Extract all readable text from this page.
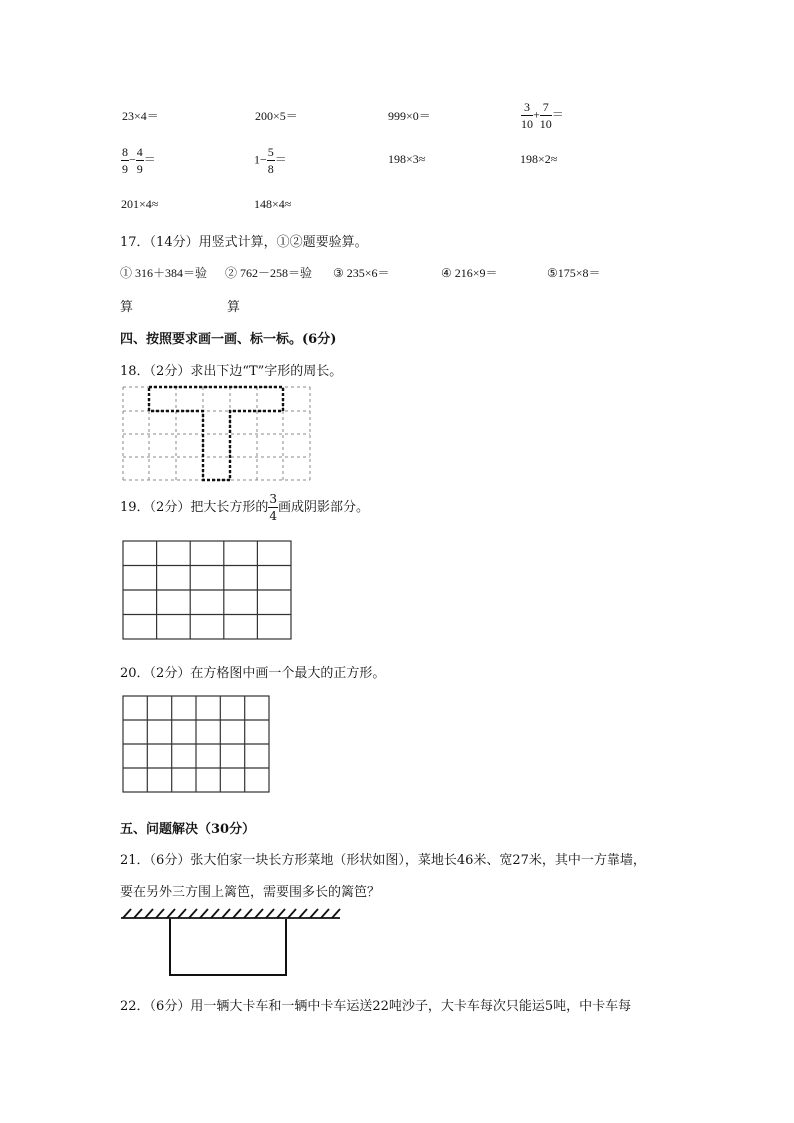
23×4＝	200×5＝	999×0＝	$\frac{3}{10} + \frac{7}{10}$ ＝
$\frac{8}{9} - \frac{4}{9}$ ＝	$1- \frac{5}{8}$ ＝	198×3≈	198×2≈
201×4≈	148×4≈
17．（14分）用竖式计算，①②题要验算。
① 316＋384＝验 ② 762－258＝验 ③ 235×6＝	④ 216×9＝	⑤175×8＝
算	算
四、按照要求画一画、标一标。(6分)
18．（2分）求出下边“T”字形的周长。
19．（2分）把大长方形的 $\frac{3}{4}$ 画成阴影部分。
20．（2分）在方格图中画一个最大的正方形。
五、问题解决（30分）
21．（6分）张大伯家一块长方形菜地（形状如图），菜地长46米、宽27米，其中一方靠墙，
要在另外三方围上篱笆，需要围多长的篱笆？
22．（6分）用一辆大卡车和一辆中卡车运送22吨沙子，大卡车每次只能运5吨，中卡车每
